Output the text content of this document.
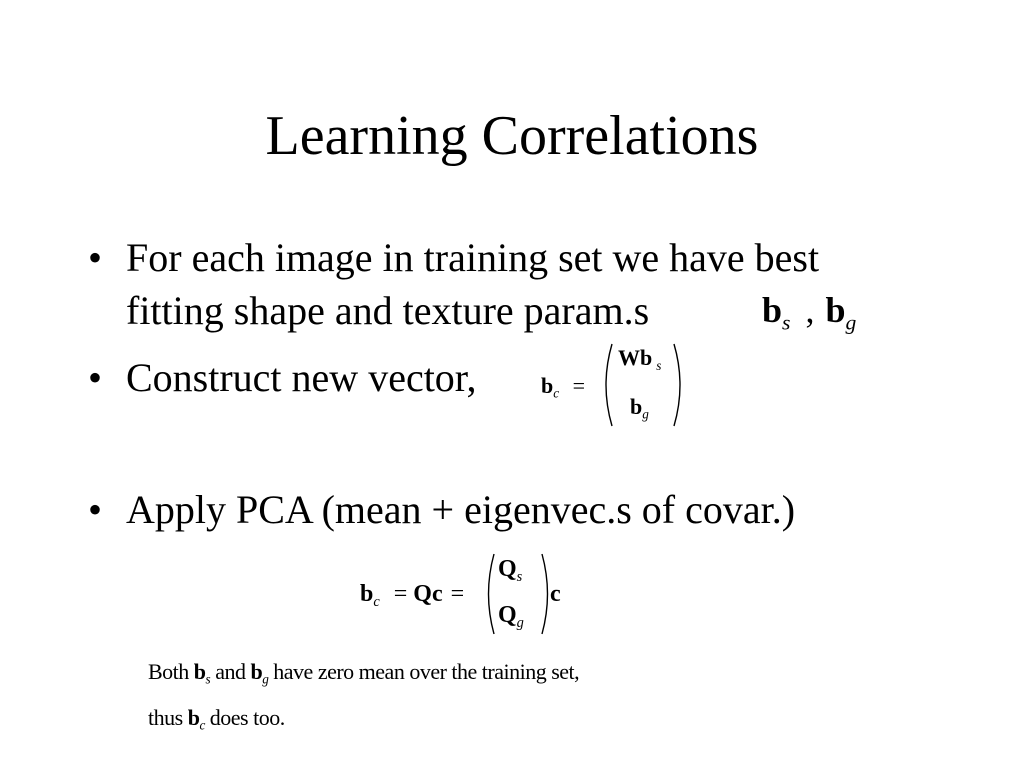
Learning Correlations
• For each image in training set we have best
fitting shape and texture param.s	$b_s$ , $b_g$
• Construct new vector,	$b_c$ =
Wb $_s$
$b_g$
• Apply PCA (mean + eigenvec.s of covar.)
$b_c = Qc$ =
$Q_s$
$Q_g$
c
Both $b_s$ and $b_g$ have zero mean over the training set,
thus $b_c$ does too.
